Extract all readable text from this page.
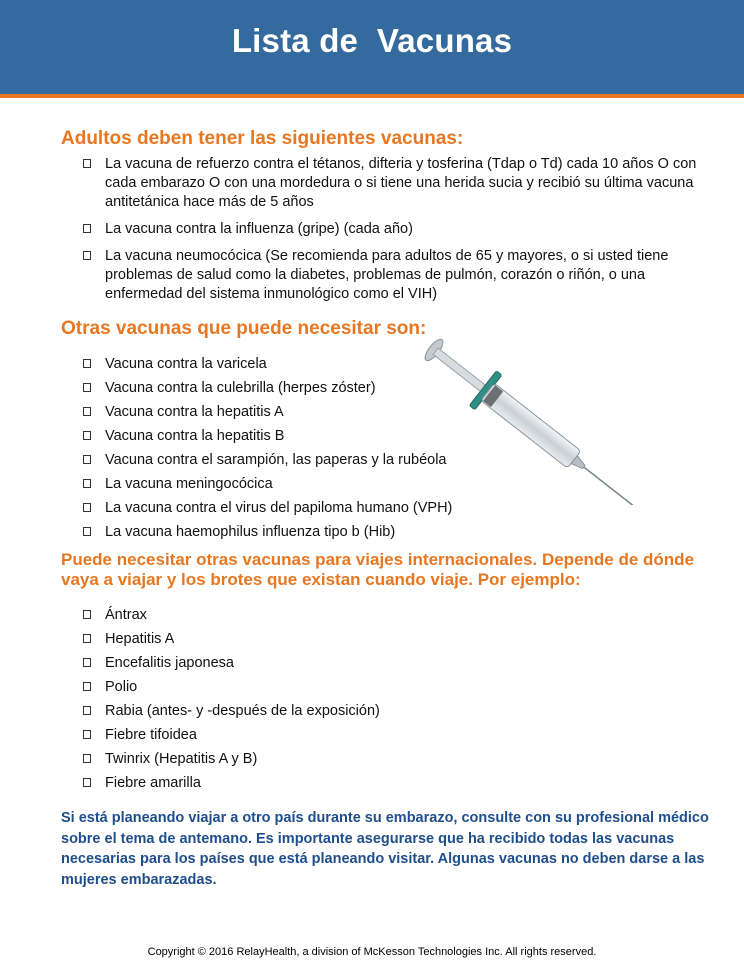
Lista de  Vacunas
Adultos deben tener las siguientes vacunas:
La vacuna de refuerzo contra el tétanos, difteria y tosferina (Tdap o Td) cada 10 años O con cada embarazo O con una mordedura o si tiene una herida sucia y recibió su última vacuna antitetánica hace más de 5 años
La vacuna contra la influenza (gripe) (cada año)
La vacuna neumocócica (Se recomienda para adultos de 65 y mayores, o si usted tiene problemas de salud como la diabetes, problemas de pulmón, corazón o riñón, o una enfermedad del sistema inmunológico como el VIH)
Otras vacunas que puede necesitar son:
Vacuna contra la varicela
Vacuna contra la culebrilla (herpes zóster)
Vacuna contra la hepatitis A
Vacuna contra la hepatitis B
Vacuna contra el sarampión, las paperas y la rubéola
La vacuna meningocócica
La vacuna contra el virus del papiloma humano (VPH)
La vacuna haemophilus influenza tipo b (Hib)
Puede necesitar otras vacunas para viajes internacionales. Depende de dónde vaya a viajar y los brotes que existan cuando viaje. Por ejemplo:
Ántrax
Hepatitis A
Encefalitis japonesa
Polio
Rabia (antes- y -después de la exposición)
Fiebre tifoidea
Twinrix (Hepatitis A y B)
Fiebre amarilla

Si está planeando viajar a otro país durante su embarazo, consulte con su profesional médico sobre el tema de antemano. Es importante asegurarse que ha recibido todas las vacunas necesarias para los países que está planeando visitar. Algunas vacunas no deben darse a las mujeres embarazadas.

Copyright © 2016 RelayHealth, a division of McKesson Technologies Inc. All rights reserved.
